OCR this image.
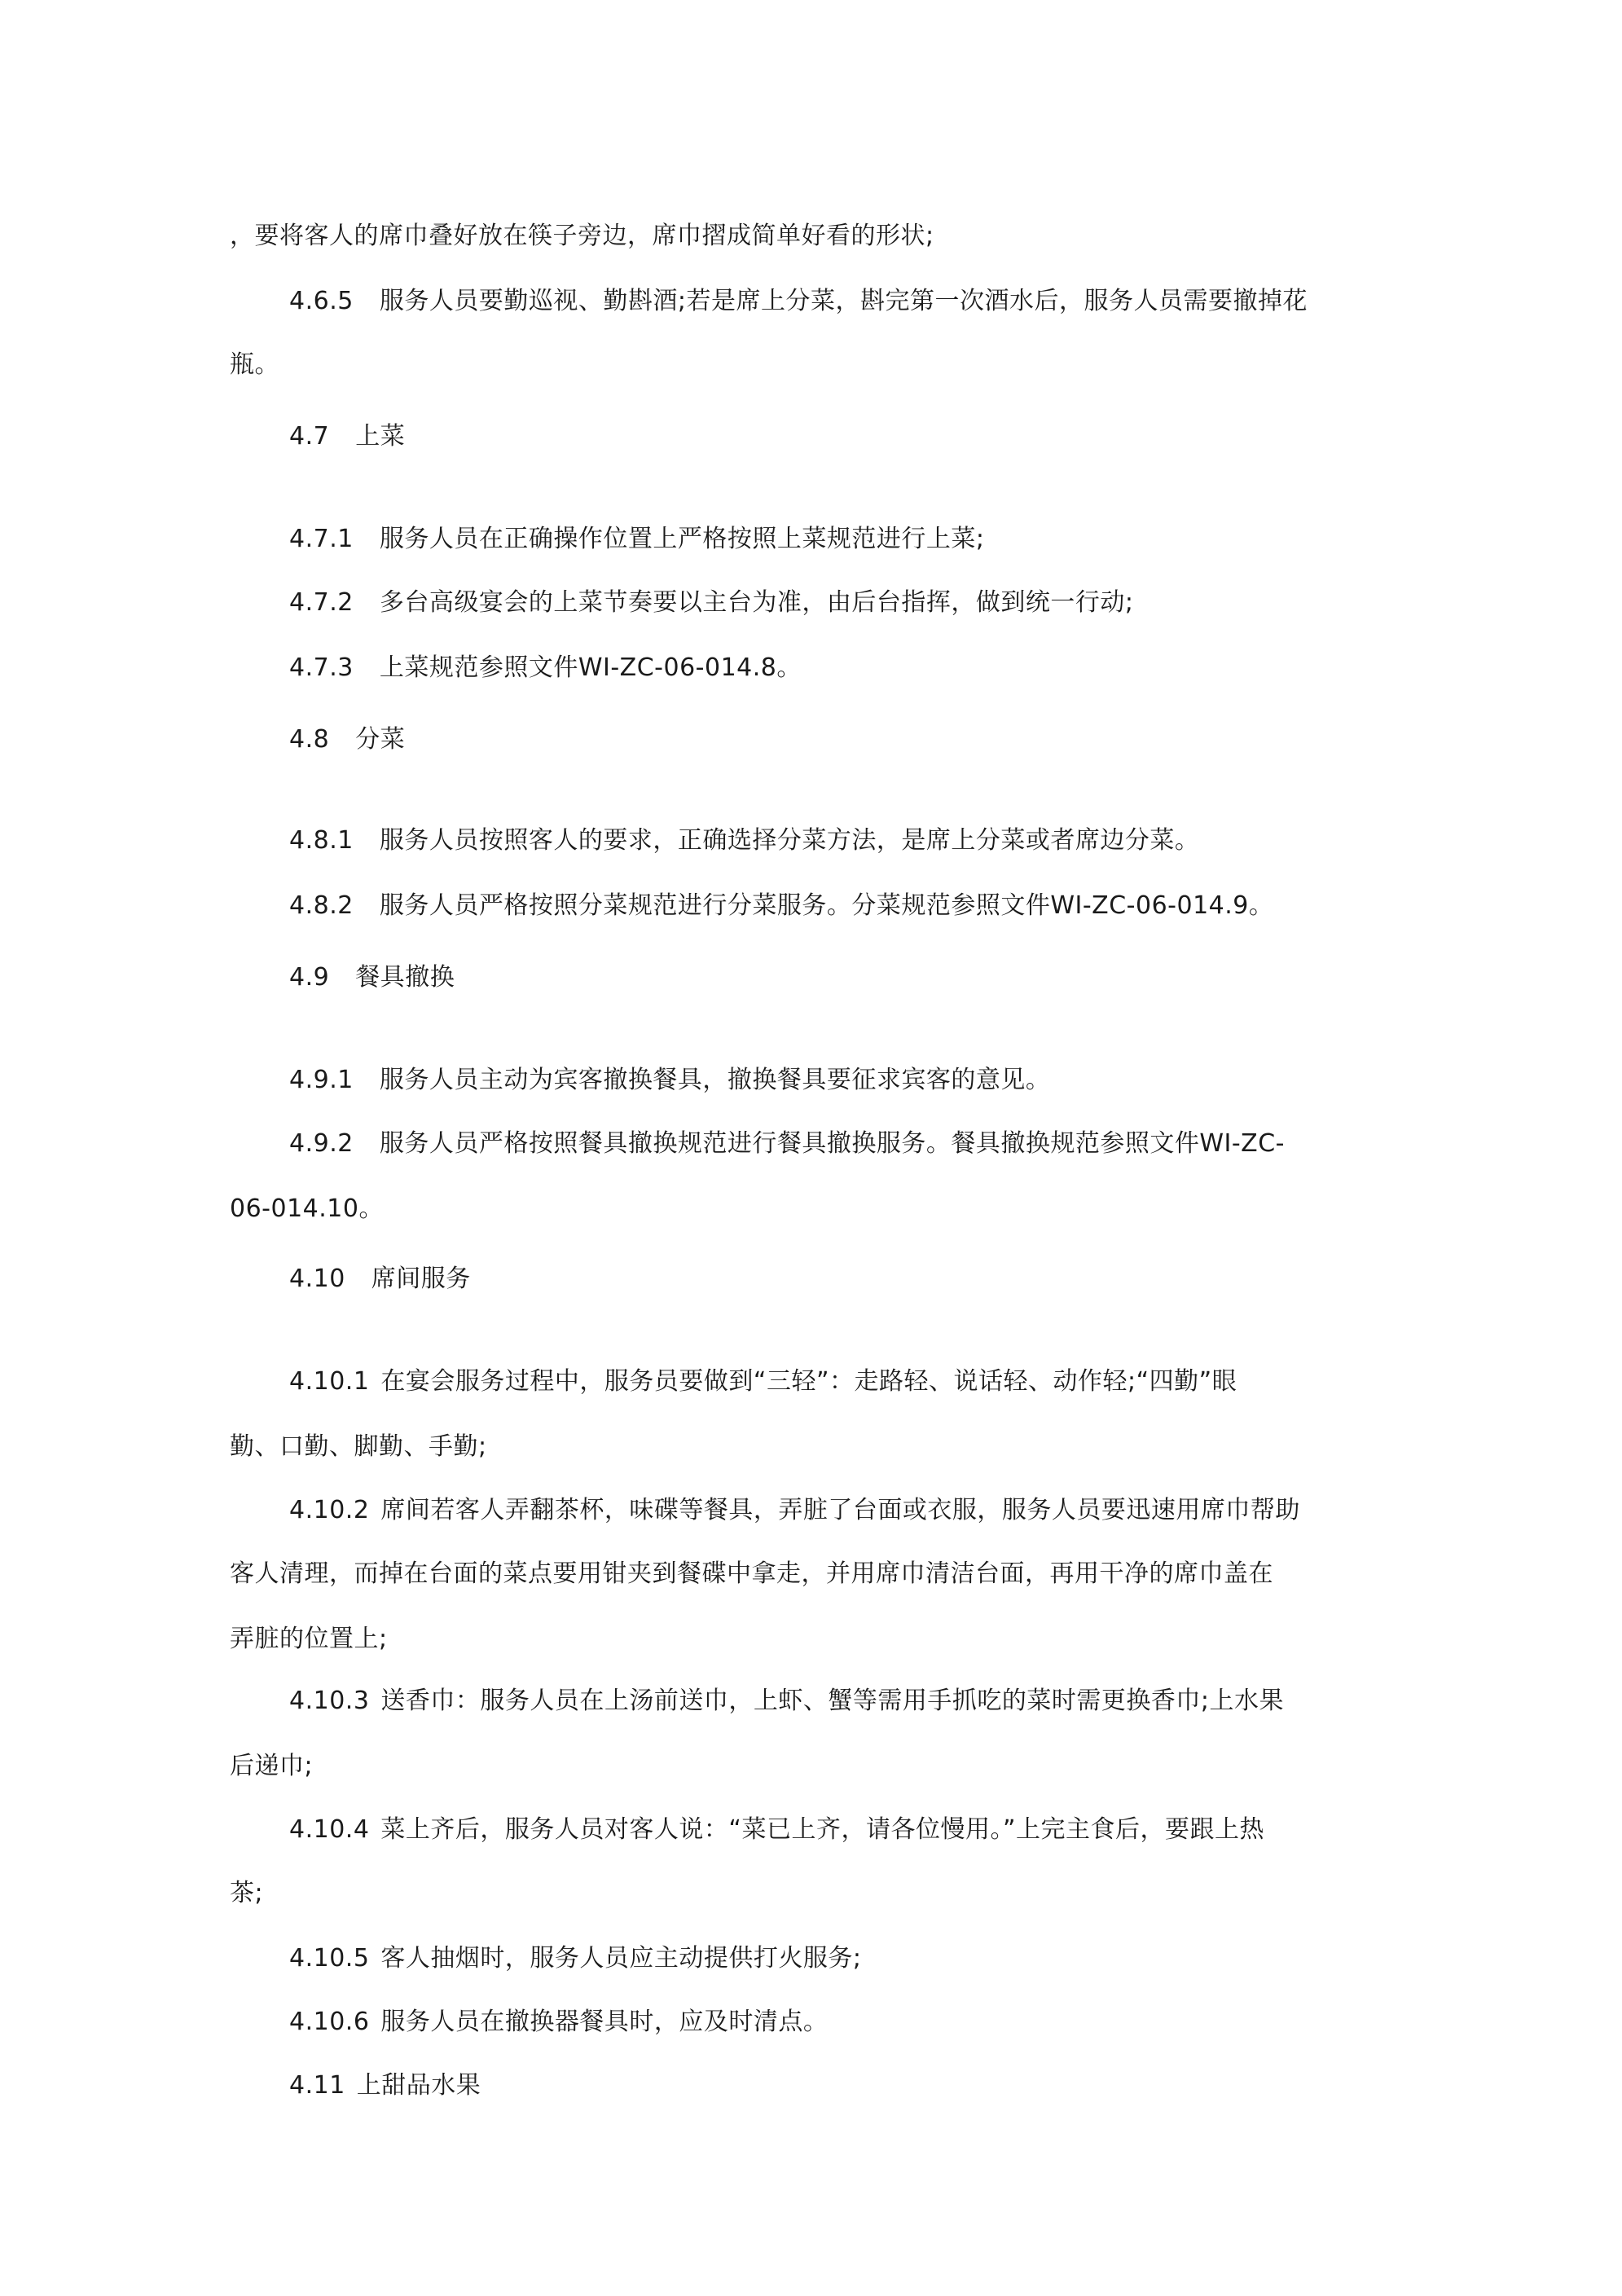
，要将客人的席巾叠好放在筷子旁边，席巾摺成简单好看的形状;
4.6.5 服务人员要勤巡视、勤斟酒;若是席上分菜，斟完第一次酒水后，服务人员需要撤掉花
瓶。
4.7 上菜
4.7.1 服务人员在正确操作位置上严格按照上菜规范进行上菜;
4.7.2 多台高级宴会的上菜节奏要以主台为准，由后台指挥，做到统一行动;
4.7.3 上菜规范参照文件WI-ZC-06-014.8。
4.8 分菜
4.8.1 服务人员按照客人的要求，正确选择分菜方法，是席上分菜或者席边分菜。
4.8.2 服务人员严格按照分菜规范进行分菜服务。分菜规范参照文件WI-ZC-06-014.9。
4.9 餐具撤换
4.9.1 服务人员主动为宾客撤换餐具，撤换餐具要征求宾客的意见。
4.9.2 服务人员严格按照餐具撤换规范进行餐具撤换服务。餐具撤换规范参照文件WI-ZC-
06-014.10。
4.10 席间服务
4.10.1 在宴会服务过程中，服务员要做到“三轻”：走路轻、说话轻、动作轻;“四勤”眼
勤、口勤、脚勤、手勤;
4.10.2 席间若客人弄翻茶杯，味碟等餐具，弄脏了台面或衣服，服务人员要迅速用席巾帮助
客人清理，而掉在台面的菜点要用钳夹到餐碟中拿走，并用席巾清洁台面，再用干净的席巾盖在
弄脏的位置上;
4.10.3 送香巾：服务人员在上汤前送巾，上虾、蟹等需用手抓吃的菜时需更换香巾;上水果
后递巾;
4.10.4 菜上齐后，服务人员对客人说：“菜已上齐，请各位慢用。”上完主食后，要跟上热
茶;
4.10.5 客人抽烟时，服务人员应主动提供打火服务;
4.10.6 服务人员在撤换器餐具时，应及时清点。
4.11 上甜品水果
